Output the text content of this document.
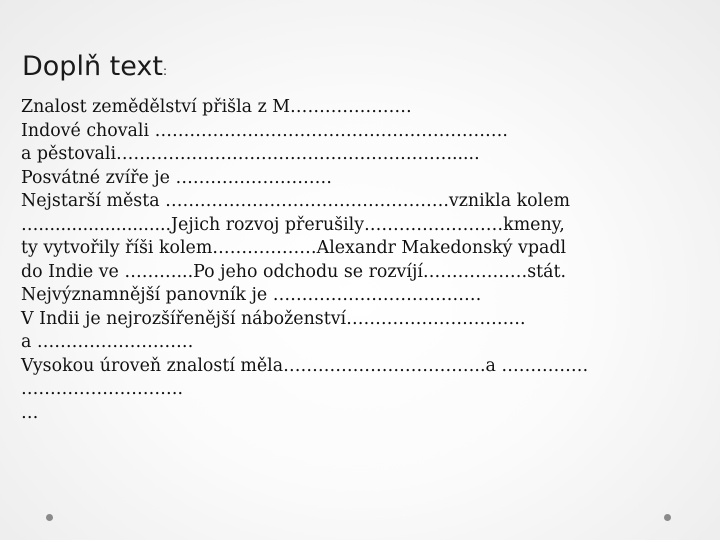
Doplň text:
Znalost zemědělství přišla z M…………………
Indové chovali …………………………………………………….
a pěstovali…………………………………………………......
Posvátné zvíře je ………………………
Nejstarší města ………………………………………….vznikla kolem
…........................Jejich rozvoj přerušily……………………kmeny,
ty vytvořily říši kolem………………Alexandr Makedonský vpadl
do Indie ve ………...Po jeho odchodu se rozvíjí………………stát.
Nejvýznamnější panovník je ………………………………
V Indii je nejrozšířenější náboženství………………………….
a ………………………
Vysokou úroveň znalostí měla……………………………..a ……………
……………………….
…
